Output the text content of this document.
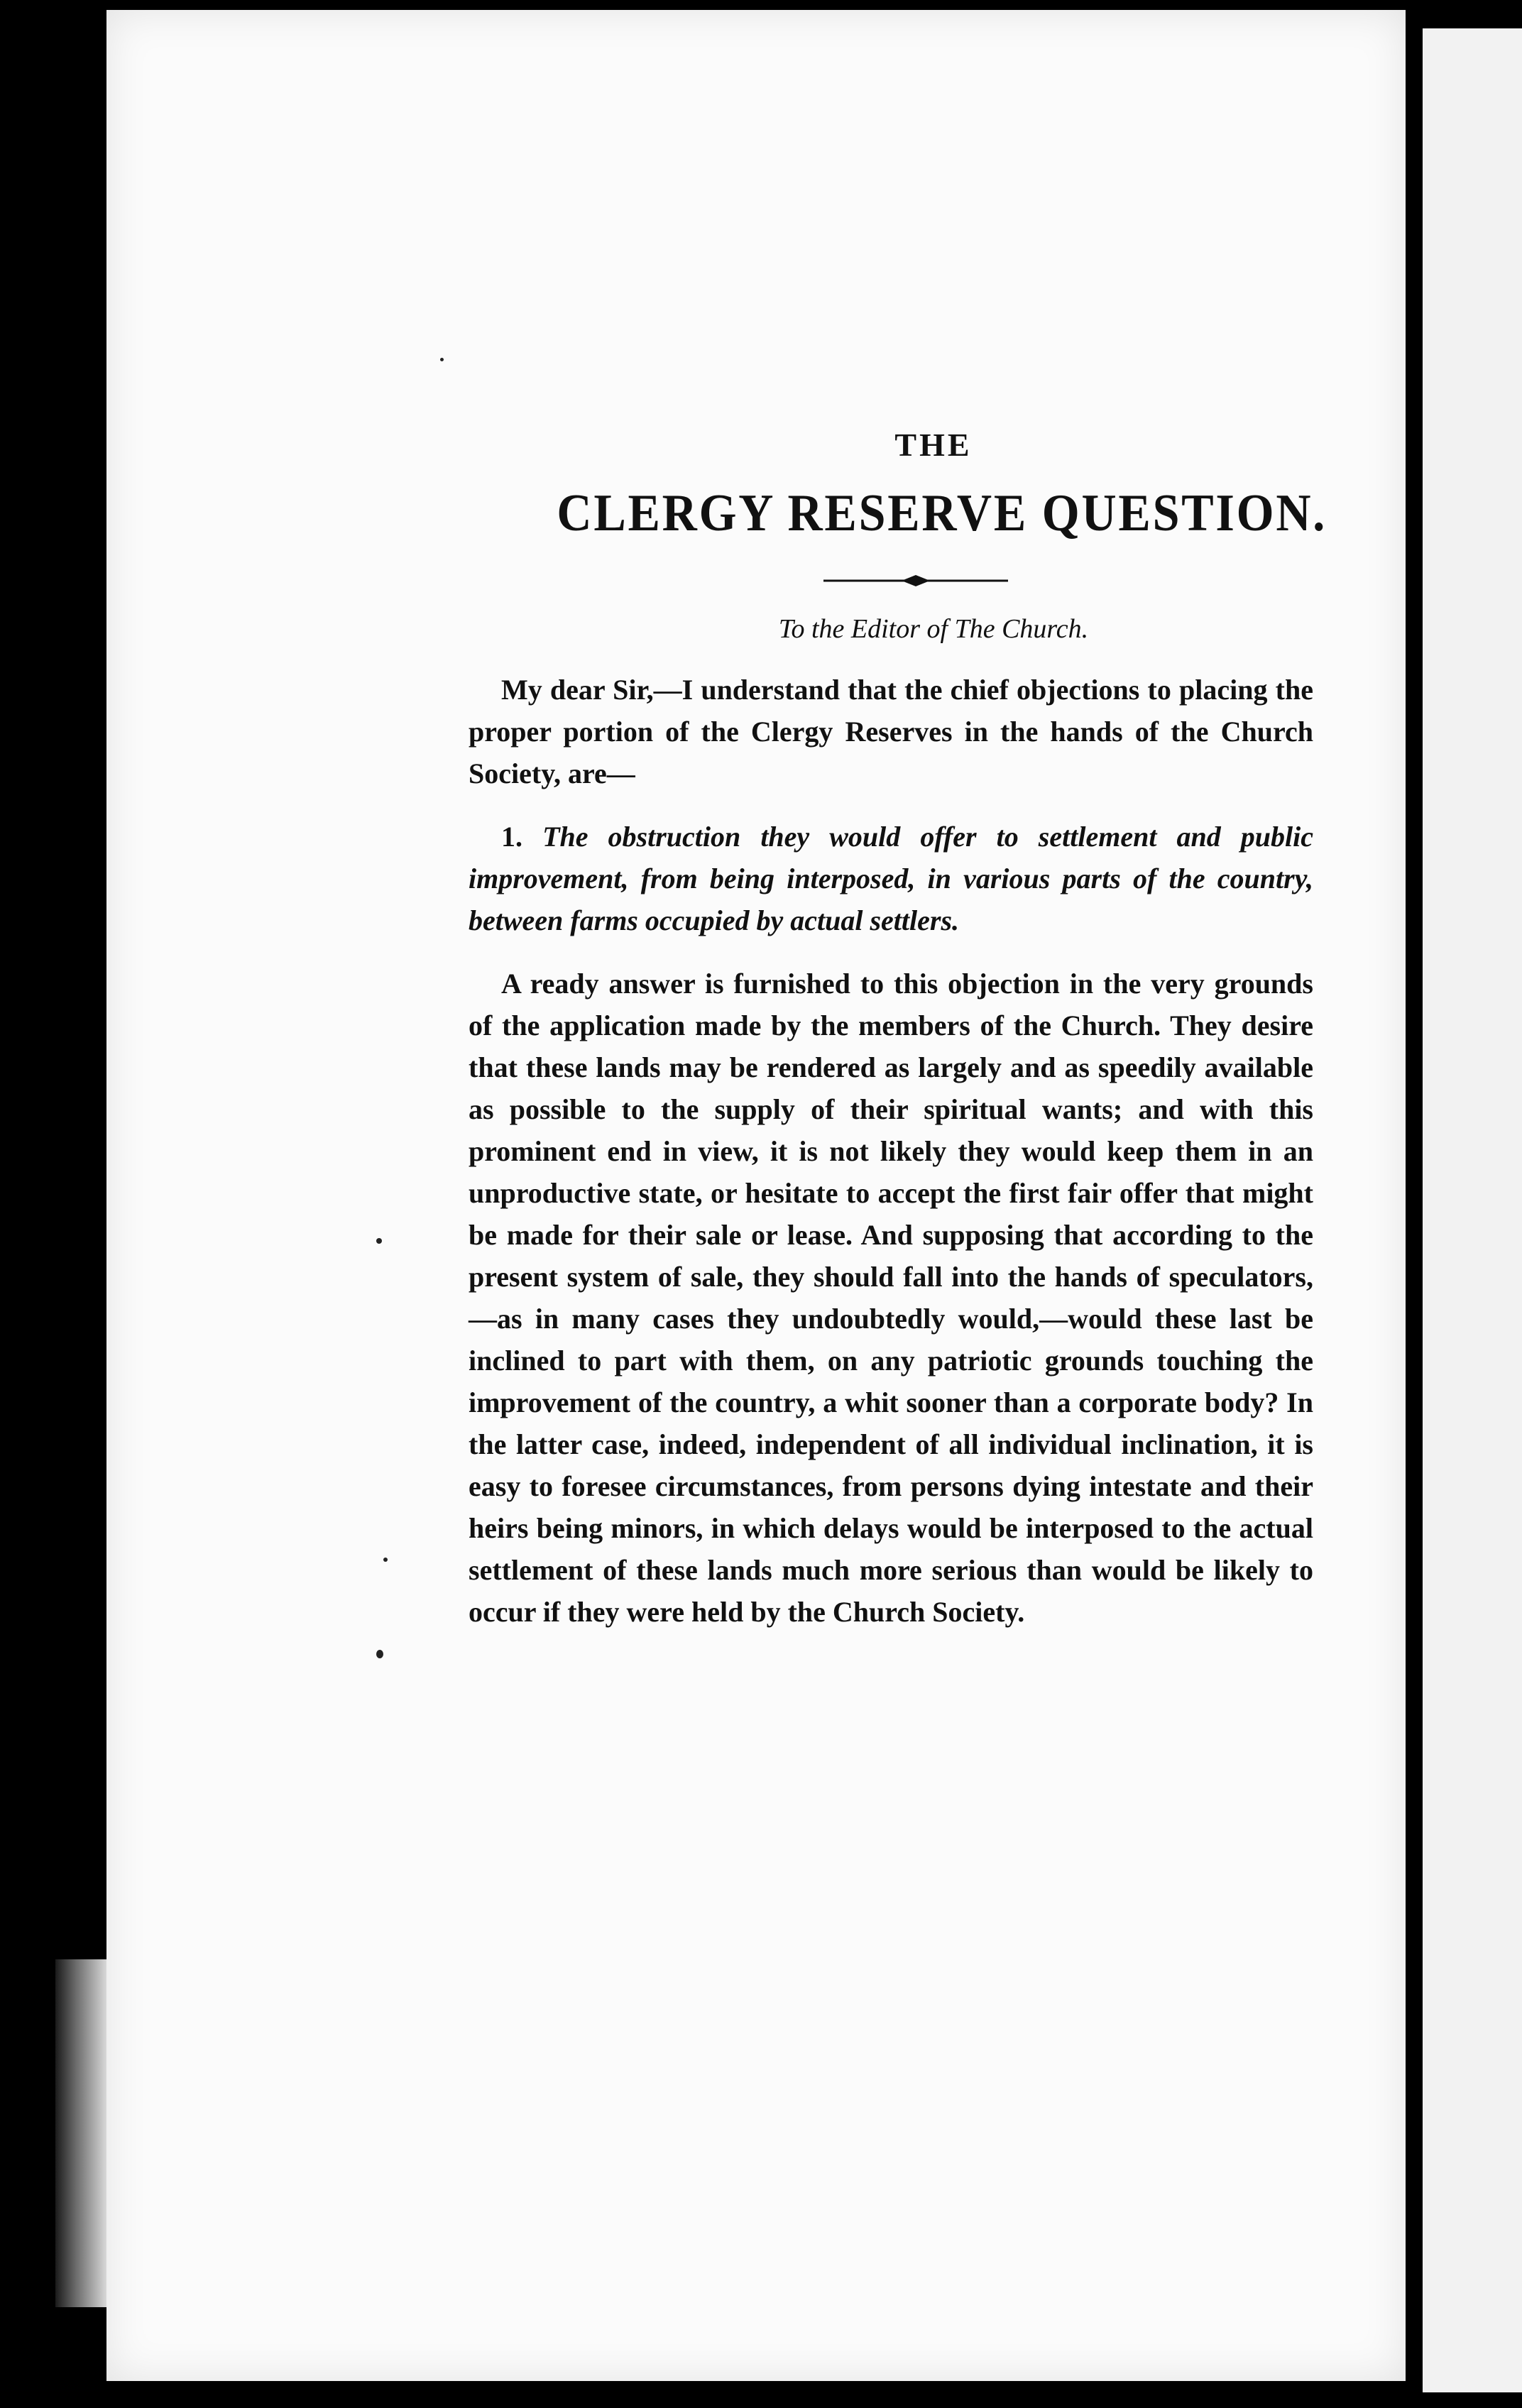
THE
CLERGY RESERVE QUESTION.
To the Editor of The Church.

My dear Sir,—I understand that the chief objections to placing the proper portion of the Clergy Reserves in the hands of the Church Society, are—

1. The obstruction they would offer to settlement and public improvement, from being interposed, in various parts of the country, between farms occupied by actual settlers.

A ready answer is furnished to this objection in the very grounds of the application made by the members of the Church. They desire that these lands may be rendered as largely and as speedily available as possible to the supply of their spiritual wants; and with this prominent end in view, it is not likely they would keep them in an unproductive state, or hesitate to accept the first fair offer that might be made for their sale or lease. And supposing that according to the present system of sale, they should fall into the hands of speculators,—as in many cases they undoubtedly would,—would these last be inclined to part with them, on any patriotic grounds touching the improvement of the country, a whit sooner than a corporate body? In the latter case, indeed, independent of all individual inclination, it is easy to foresee circumstances, from persons dying intestate and their heirs being minors, in which delays would be interposed to the actual settlement of these lands much more serious than would be likely to occur if they were held by the Church Society.
